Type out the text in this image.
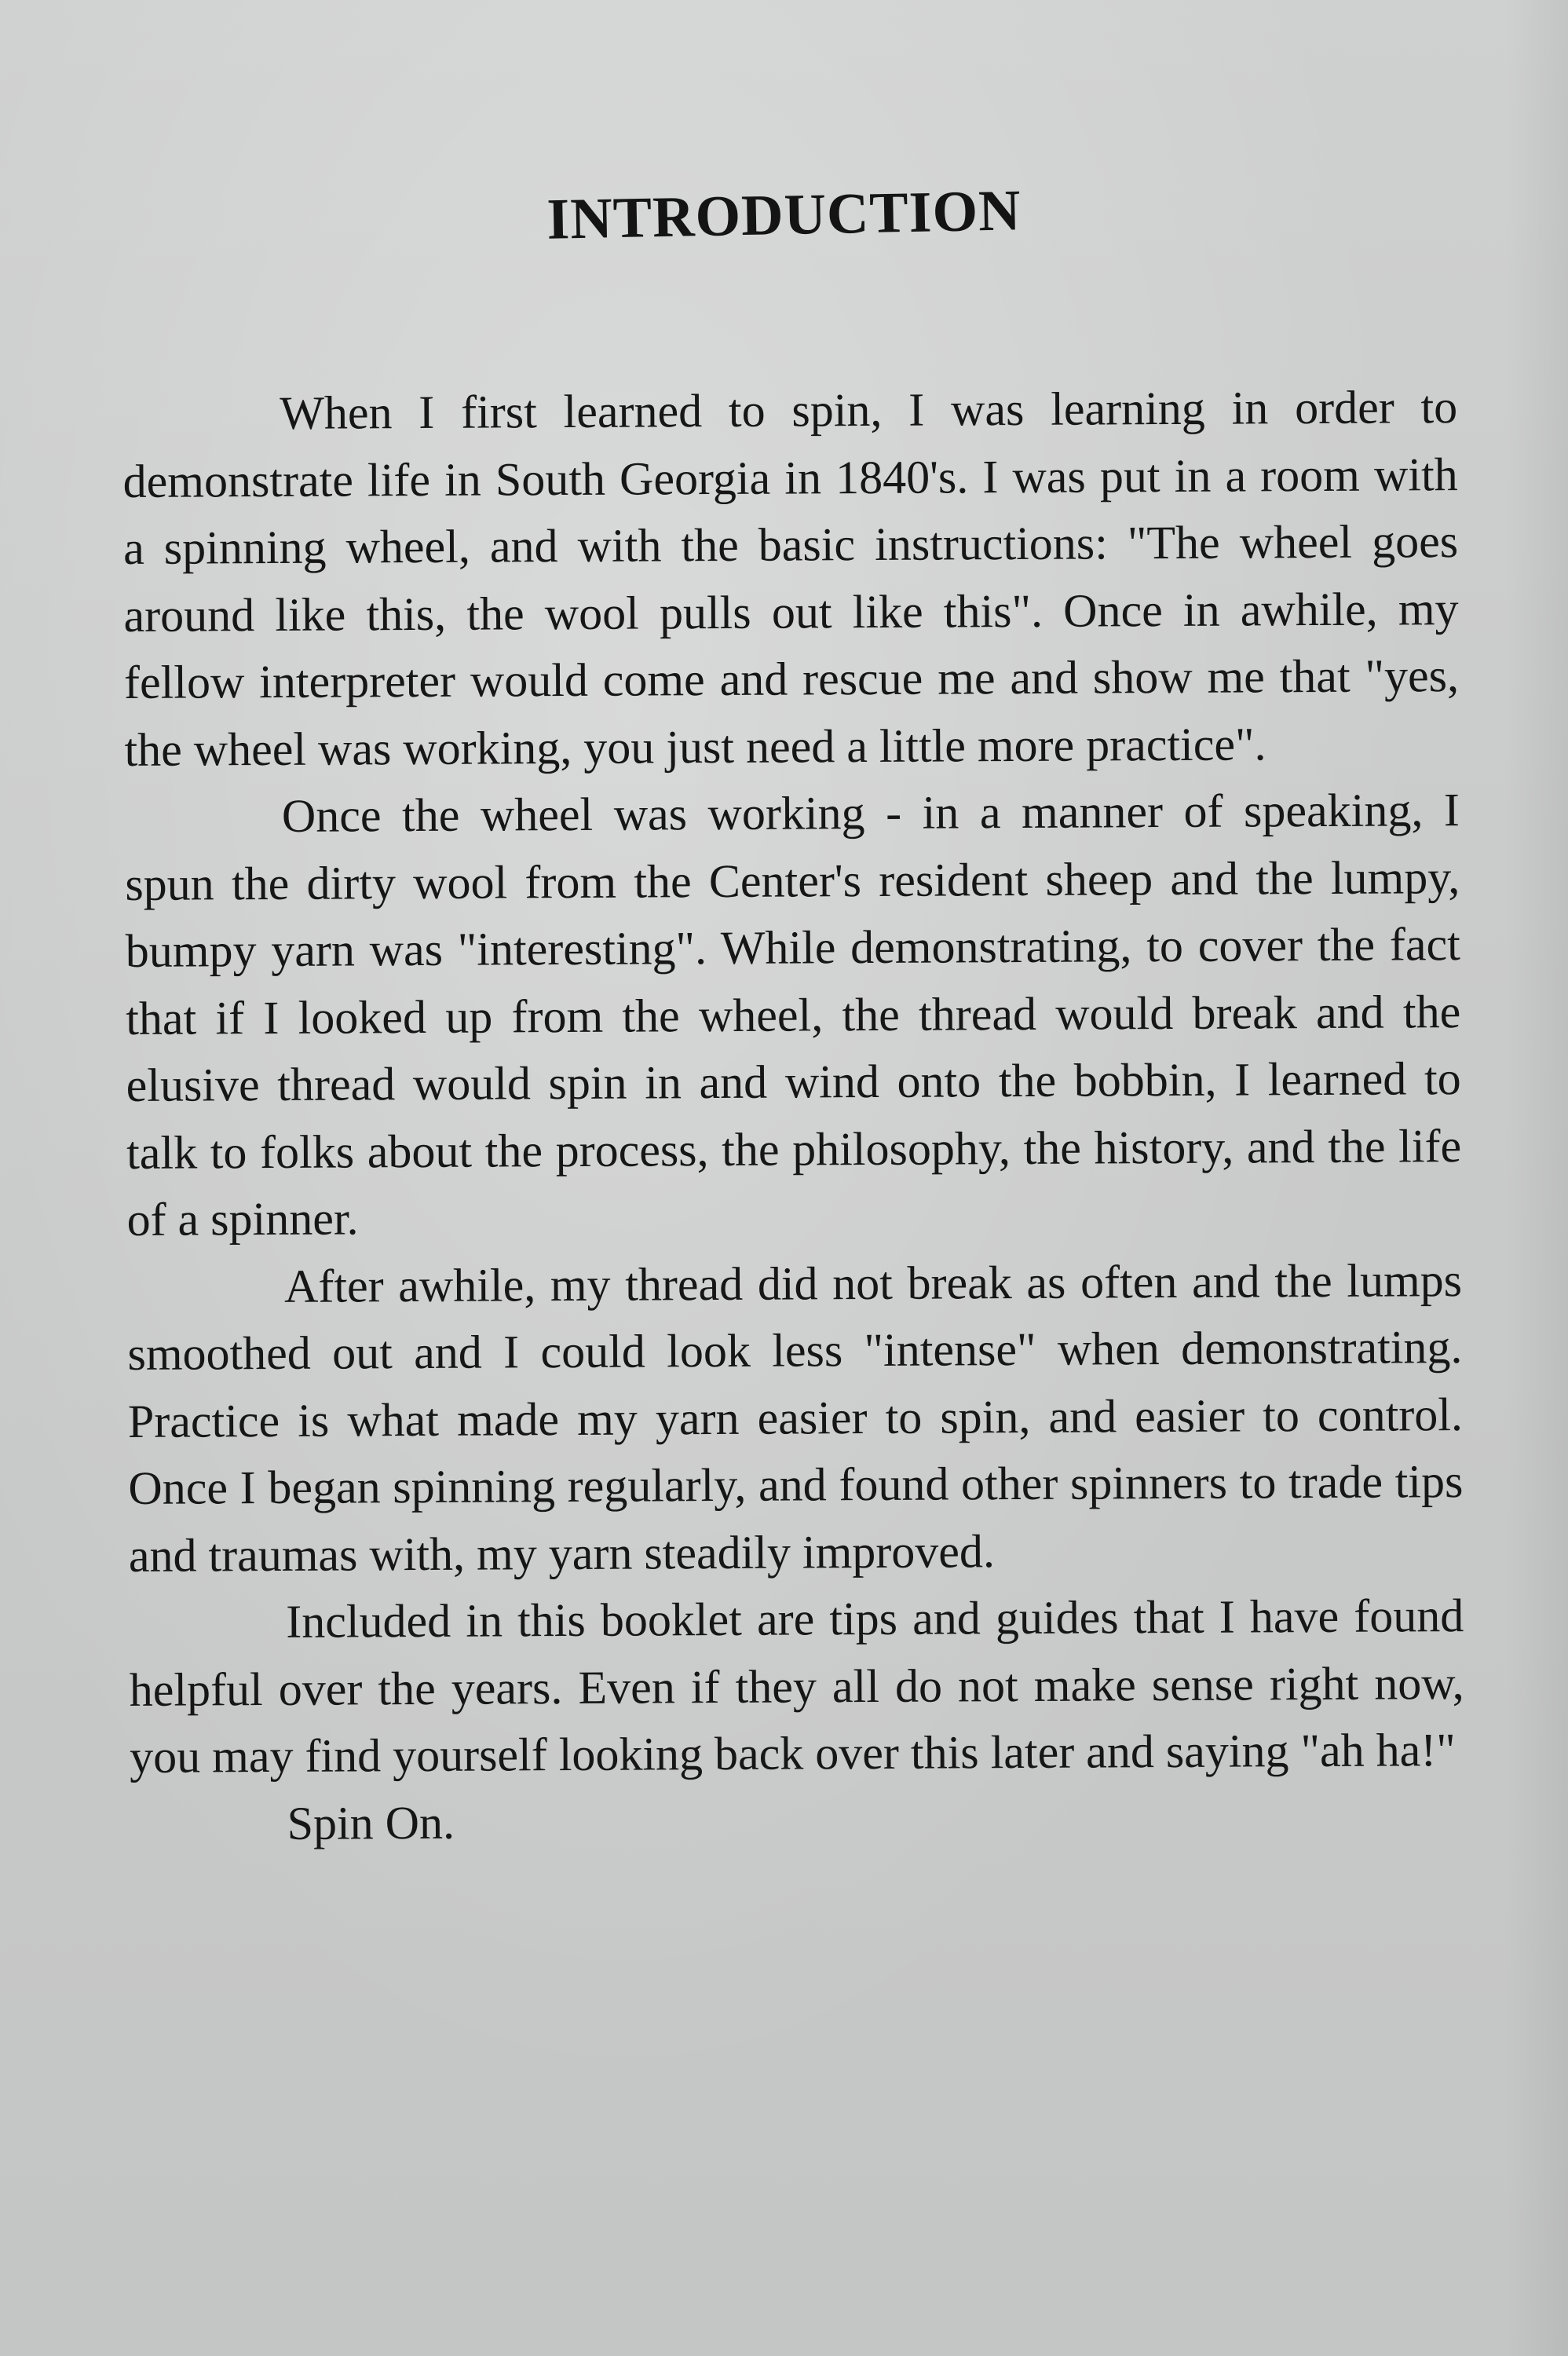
INTRODUCTION

When I first learned to spin, I was learning in order to demonstrate life in South Georgia in 1840's. I was put in a room with a spinning wheel, and with the basic instructions: "The wheel goes around like this, the wool pulls out like this". Once in awhile, my fellow interpreter would come and rescue me and show me that "yes, the wheel was working, you just need a little more practice".

Once the wheel was working - in a manner of speaking, I spun the dirty wool from the Center's resident sheep and the lumpy, bumpy yarn was "interesting". While demonstrating, to cover the fact that if I looked up from the wheel, the thread would break and the elusive thread would spin in and wind onto the bobbin, I learned to talk to folks about the process, the philosophy, the history, and the life of a spinner.

After awhile, my thread did not break as often and the lumps smoothed out and I could look less "intense" when demonstrating. Practice is what made my yarn easier to spin, and easier to control. Once I began spinning regularly, and found other spinners to trade tips and traumas with, my yarn steadily improved.

Included in this booklet are tips and guides that I have found helpful over the years. Even if they all do not make sense right now, you may find yourself looking back over this later and saying "ah ha!"

Spin On.
